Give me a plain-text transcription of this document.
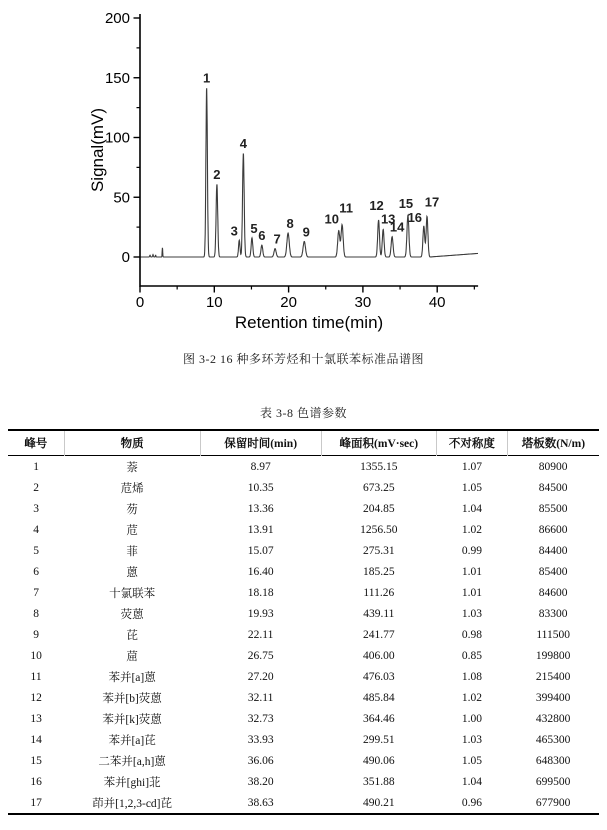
0
50
100
150
200
0	10	20	30	40
Retention time(min)
Signal(mV)
1
2
3
4
5 6 7
8
9
10
11 12
13
14
15
16
17
图 3-2 16 种多环芳烃和十氯联苯标准品谱图
表 3-8 色谱参数
峰号	物质	保留时间(min)	峰面积(mV·sec)	不对称度	塔板数(N/m)
1	萘	8.97	1355.15	1.07	80900
2	苊烯	10.35	673.25	1.05	84500
3	芴	13.36	204.85	1.04	85500
4	苊	13.91	1256.50	1.02	86600
5	菲	15.07	275.31	0.99	84400
6	蒽	16.40	185.25	1.01	85400
7	十氯联苯	18.18	111.26	1.01	84600
8	荧蒽	19.93	439.11	1.03	83300
9	芘	22.11	241.77	0.98	111500
10	䓛	26.75	406.00	0.85	199800
11	苯并[a]蒽	27.20	476.03	1.08	215400
12	苯并[b]荧蒽	32.11	485.84	1.02	399400
13	苯并[k]荧蒽	32.73	364.46	1.00	432800
14	苯并[a]芘	33.93	299.51	1.03	465300
15	二苯并[a,h]蒽	36.06	490.06	1.05	648300
16	苯并[ghi]苝	38.20	351.88	1.04	699500
17	茚并[1,2,3-cd]芘	38.63	490.21	0.96	677900
